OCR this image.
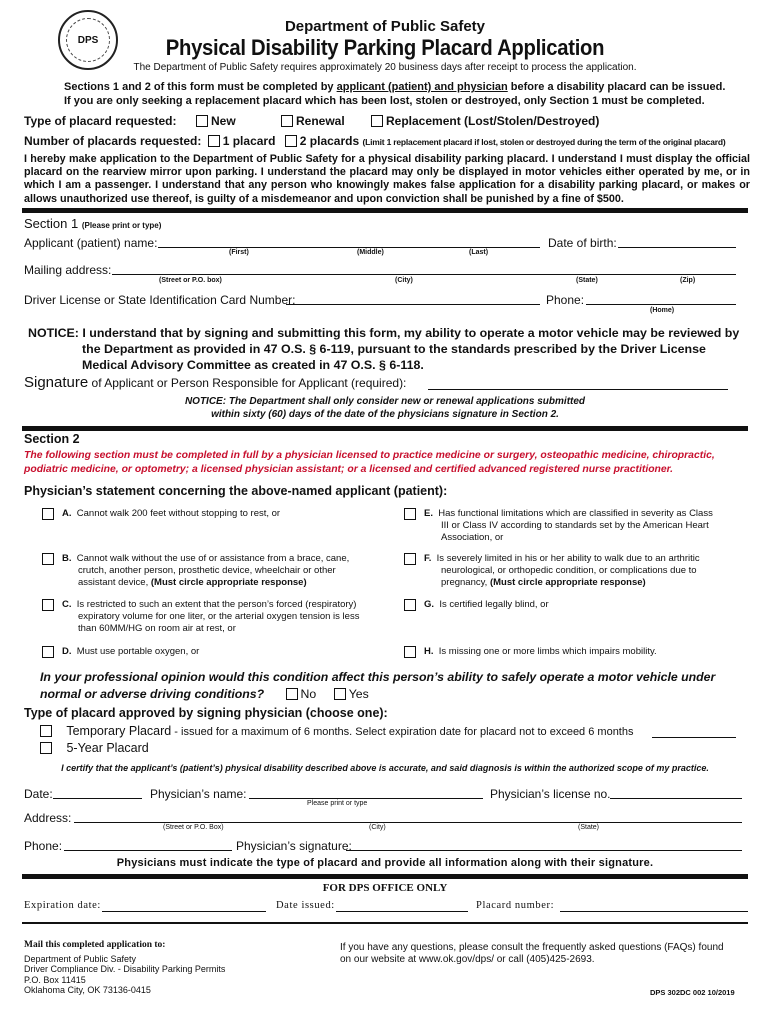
DPS
Department of Public Safety
Physical Disability Parking Placard Application
The Department of Public Safety requires approximately 20 business days after receipt to process the application.
Sections 1 and 2 of this form must be completed by applicant (patient) and physician before a disability placard can be issued.
If you are only seeking a replacement placard which has been lost, stolen or destroyed, only Section 1 must be completed.
Type of placard requested:	New	Renewal	Replacement (Lost/Stolen/Destroyed)
Number of placards requested: 1 placard 2 placards (Limit 1 replacement placard if lost, stolen or destroyed during the term of the original placard)
I hereby make application to the Department of Public Safety for a physical disability parking placard. I understand I must display the official placard on the rearview mirror upon parking. I understand the placard may only be displayed in motor vehicles either operated by me, or in which I am a passenger. I understand that any person who knowingly makes false application for a disability parking placard, or makes or allows unauthorized use thereof, is guilty of a misdemeanor and upon conviction shall be punished by a fine of $500.
Section 1 (Please print or type)
Applicant (patient) name:	Date of birth:
(First)	(Middle)	(Last)
Mailing address:
(Street or P.O. box)	(City)	(State)	(Zip)
Driver License or State Identification Card Number:	Phone:
(Home)
NOTICE: I understand that by signing and submitting this form, my ability to operate a motor vehicle may be reviewed by the Department as provided in 47 O.S. § 6-119, pursuant to the standards prescribed by the Driver License Medical Advisory Committee as created in 47 O.S. § 6-118.
Signature of Applicant or Person Responsible for Applicant (required):
NOTICE: The Department shall only consider new or renewal applications submitted
within sixty (60) days of the date of the physicians signature in Section 2.
Section 2
The following section must be completed in full by a physician licensed to practice medicine or surgery, osteopathic medicine, chiropractic,
podiatric medicine, or optometry; a licensed physician assistant; or a licensed and certified advanced registered nurse practitioner.
Physician’s statement concerning the above-named applicant (patient):
A. Cannot walk 200 feet without stopping to rest, or
B. Cannot walk without the use of or assistance from a brace, cane,
crutch, another person, prosthetic device, wheelchair or other
assistant device, (Must circle appropriate response)
C. Is restricted to such an extent that the person’s forced (respiratory)
expiratory volume for one liter, or the arterial oxygen tension is less
than 60MM/HG on room air at rest, or
D. Must use portable oxygen, or
E. Has functional limitations which are classified in severity as Class
III or Class IV according to standards set by the American Heart
Association, or
F. Is severely limited in his or her ability to walk due to an arthritic
neurological, or orthopedic condition, or complications due to
pregnancy, (Must circle appropriate response)
G. Is certified legally blind, or
H. Is missing one or more limbs which impairs mobility.
In your professional opinion would this condition affect this person’s ability to safely operate a motor vehicle under
normal or adverse driving conditions?	No	Yes
Type of placard approved by signing physician (choose one):
Temporary Placard - issued for a maximum of 6 months. Select expiration date for placard not to exceed 6 months
5-Year Placard
I certify that the applicant’s (patient’s) physical disability described above is accurate, and said diagnosis is within the authorized scope of my practice.
Date:	Physician’s name:	Physician’s license no.
Please print or type
Address:
(Street or P.O. Box)	(City)	(State)
Phone:	Physician’s signature:
Physicians must indicate the type of placard and provide all information along with their signature.
FOR DPS OFFICE ONLY
Expiration date:	Date issued:	Placard number:
Mail this completed application to:
Department of Public Safety
Driver Compliance Div. - Disability Parking Permits
P.O. Box 11415
Oklahoma City, OK 73136-0415
If you have any questions, please consult the frequently asked questions (FAQs) found
on our website at www.ok.gov/dps/ or call (405)425-2693.
DPS 302DC 002 10/2019
